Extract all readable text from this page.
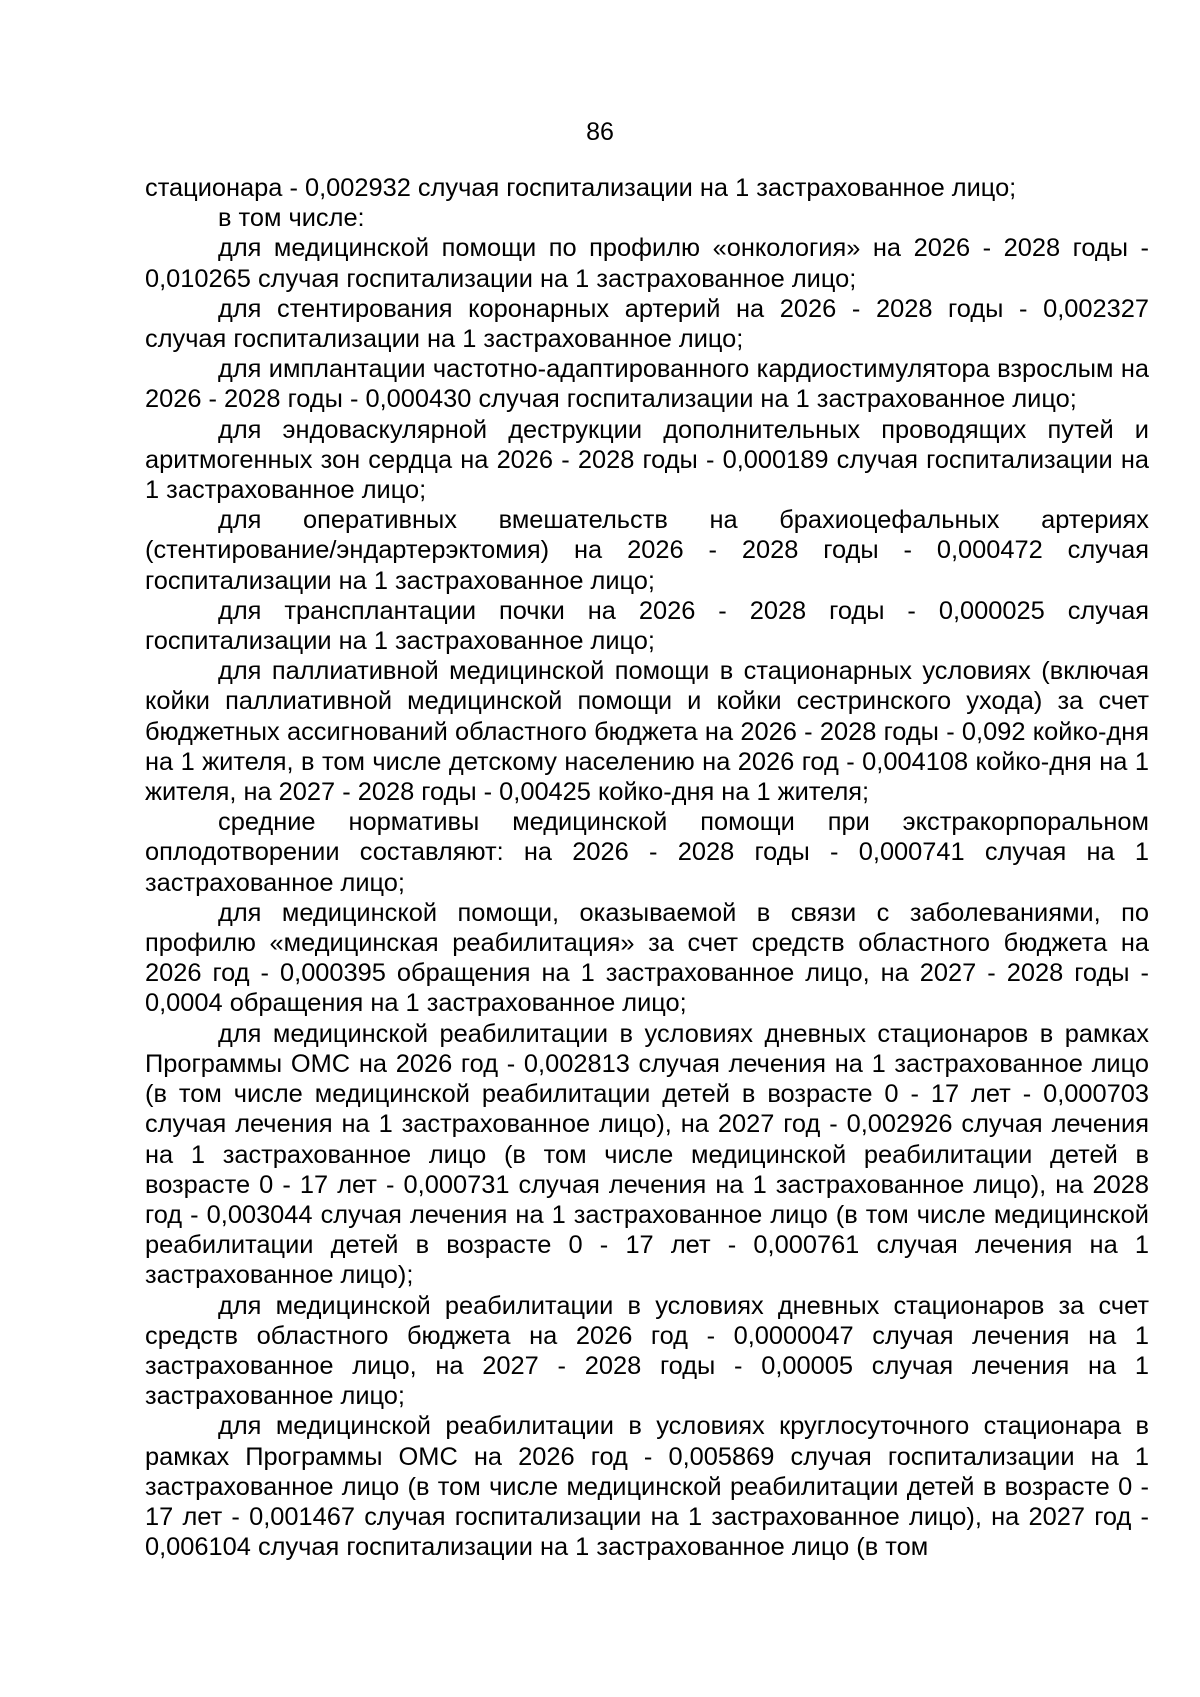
86

стационара - 0,002932 случая госпитализации на 1 застрахованное лицо;

в том числе:

для медицинской помощи по профилю «онкология» на 2026 - 2028 годы - 0,010265 случая госпитализации на 1 застрахованное лицо;

для стентирования коронарных артерий на 2026 - 2028 годы - 0,002327 случая госпитализации на 1 застрахованное лицо;

для имплантации частотно-адаптированного кардиостимулятора взрослым на 2026 - 2028 годы - 0,000430 случая госпитализации на 1 застрахованное лицо;

для эндоваскулярной деструкции дополнительных проводящих путей и аритмогенных зон сердца на 2026 - 2028 годы - 0,000189 случая госпитализации на 1 застрахованное лицо;

для оперативных вмешательств на брахиоцефальных артериях (стентирование/эндартерэктомия) на 2026 - 2028 годы - 0,000472 случая госпитализации на 1 застрахованное лицо;

для трансплантации почки на 2026 - 2028 годы - 0,000025 случая госпитализации на 1 застрахованное лицо;

для паллиативной медицинской помощи в стационарных условиях (включая койки паллиативной медицинской помощи и койки сестринского ухода) за счет бюджетных ассигнований областного бюджета на 2026 - 2028 годы - 0,092 койко-дня на 1 жителя, в том числе детскому населению на 2026 год - 0,004108 койко-дня на 1 жителя, на 2027 - 2028 годы - 0,00425 койко-дня на 1 жителя;

средние нормативы медицинской помощи при экстракорпоральном оплодотворении составляют: на 2026 - 2028 годы - 0,000741 случая на 1 застрахованное лицо;

для медицинской помощи, оказываемой в связи с заболеваниями, по профилю «медицинская реабилитация» за счет средств областного бюджета на 2026 год - 0,000395 обращения на 1 застрахованное лицо, на 2027 - 2028 годы - 0,0004 обращения на 1 застрахованное лицо;

для медицинской реабилитации в условиях дневных стационаров в рамках Программы ОМС на 2026 год - 0,002813 случая лечения на 1 застрахованное лицо (в том числе медицинской реабилитации детей в возрасте 0 - 17 лет - 0,000703 случая лечения на 1 застрахованное лицо), на 2027 год - 0,002926 случая лечения на 1 застрахованное лицо (в том числе медицинской реабилитации детей в возрасте 0 - 17 лет - 0,000731 случая лечения на 1 застрахованное лицо), на 2028 год - 0,003044 случая лечения на 1 застрахованное лицо (в том числе медицинской реабилитации детей в возрасте 0 - 17 лет - 0,000761 случая лечения на 1 застрахованное лицо);

для медицинской реабилитации в условиях дневных стационаров за счет средств областного бюджета на 2026 год - 0,0000047 случая лечения на 1 застрахованное лицо, на 2027 - 2028 годы - 0,00005 случая лечения на 1 застрахованное лицо;

для медицинской реабилитации в условиях круглосуточного стационара в рамках Программы ОМС на 2026 год - 0,005869 случая госпитализации на 1 застрахованное лицо (в том числе медицинской реабилитации детей в возрасте 0 - 17 лет - 0,001467 случая госпитализации на 1 застрахованное лицо), на 2027 год - 0,006104 случая госпитализации на 1 застрахованное лицо (в том
